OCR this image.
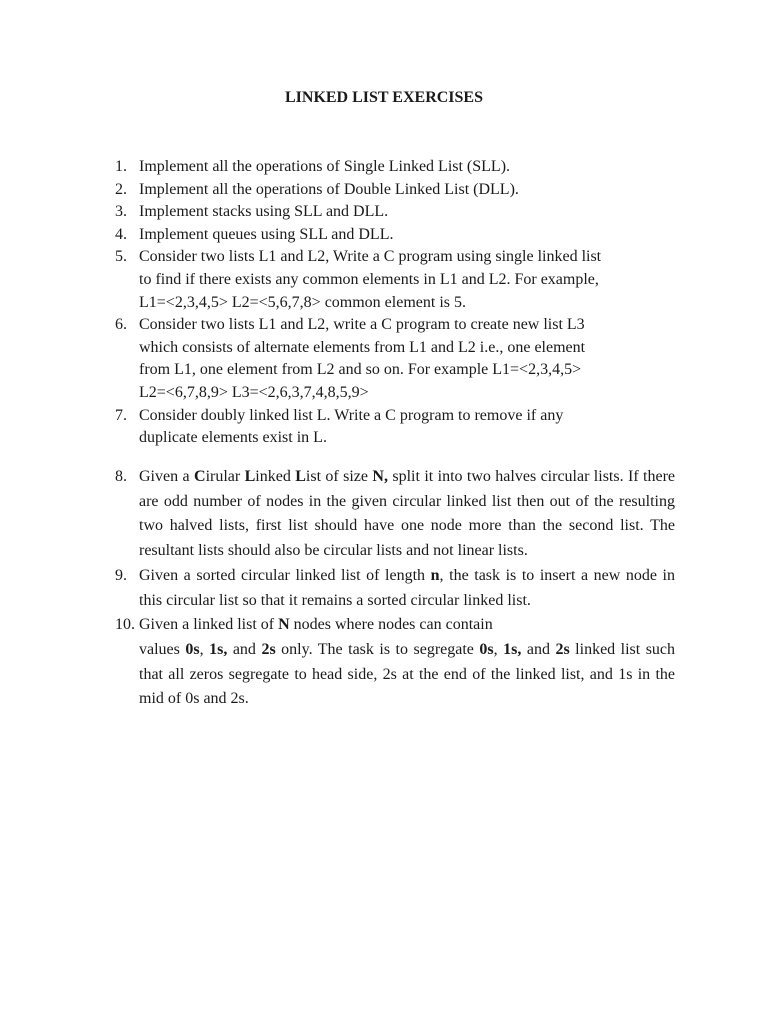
LINKED LIST EXERCISES
1. Implement all the operations of Single Linked List (SLL).
2. Implement all the operations of Double Linked List (DLL).
3. Implement stacks using SLL and DLL.
4. Implement queues using SLL and DLL.
5. Consider two lists L1 and L2, Write a C program using single linked list
to find if there exists any common elements in L1 and L2. For example,
L1=<2,3,4,5> L2=<5,6,7,8> common element is 5.
6. Consider two lists L1 and L2, write a C program to create new list L3
which consists of alternate elements from L1 and L2 i.e., one element
from L1, one element from L2 and so on. For example L1=<2,3,4,5>
L2=<6,7,8,9> L3=<2,6,3,7,4,8,5,9>
7. Consider doubly linked list L. Write a C program to remove if any
duplicate elements exist in L.
8. Given a Cirular Linked List of size N, split it into two halves circular lists. If there are odd number of nodes in the given circular linked list then out of the resulting two halved lists, first list should have one node more than the second list. The resultant lists should also be circular lists and not linear lists.
9. Given a sorted circular linked list of length n, the task is to insert a new node in this circular list so that it remains a sorted circular linked list.
10. Given a linked list of N nodes where nodes can contain
values 0s, 1s, and 2s only. The task is to segregate 0s, 1s, and 2s linked list such that all zeros segregate to head side, 2s at the end of the linked list, and 1s in the mid of 0s and 2s.
